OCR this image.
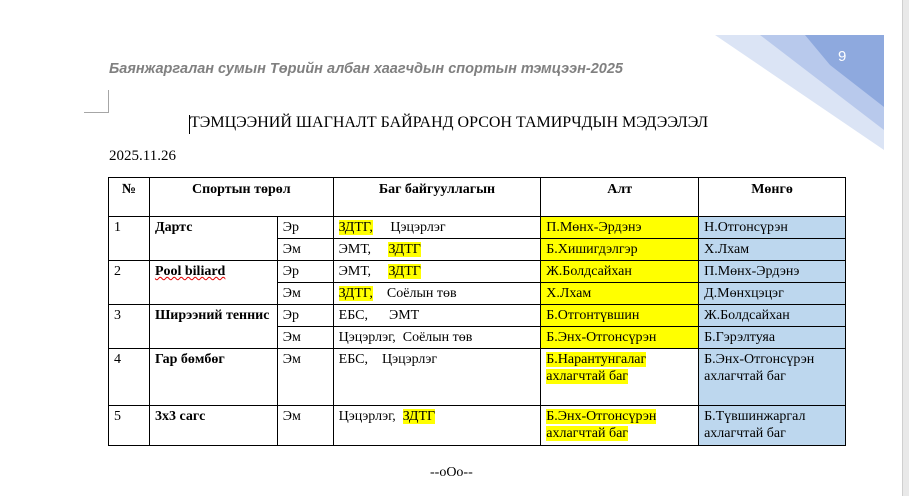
9
Баянжаргалан сумын Төрийн албан хаагчдын спортын тэмцээн-2025
ТЭМЦЭЭНИЙ ШАГНАЛТ БАЙРАНД ОРСОН ТАМИРЧДЫН МЭДЭЭЛЭЛ
2025.11.26
№	Спортын төрөл		Баг байгууллагын	Алт	Мөнгө
1	Дартс	Эр	ЗДТГ, Цэцэрлэг	П.Мөнх-Эрдэнэ	Н.Отгонсүрэн
		Эм	ЭМТ, ЗДТГ	Б.Хишигдэлгэр	Х.Лхам
2	Pool biliard	Эр	ЭМТ, ЗДТГ	Ж.Болдсайхан	П.Мөнх-Эрдэнэ
		Эм	ЗДТГ, Соёлын төв	Х.Лхам	Д.Мөнхцэцэг
3	Ширээний теннис	Эр	ЕБС, ЭМТ	Б.Отгонтүвшин	Ж.Болдсайхан
		Эм	Цэцэрлэг, Соёлын төв	Б.Энх-Отгонсүрэн	Б.Гэрэлтуяа
4	Гар бөмбөг	Эм	ЕБС, Цэцэрлэг	Б.Нарантунгалаг ахлагчтай баг	Б.Энх-Отгонсүрэн ахлагчтай баг
5	3x3 сагс	Эм	Цэцэрлэг, ЗДТГ	Б.Энх-Отгонсүрэн ахлагчтай баг	Б.Түвшинжаргал ахлагчтай баг
--oOo--
